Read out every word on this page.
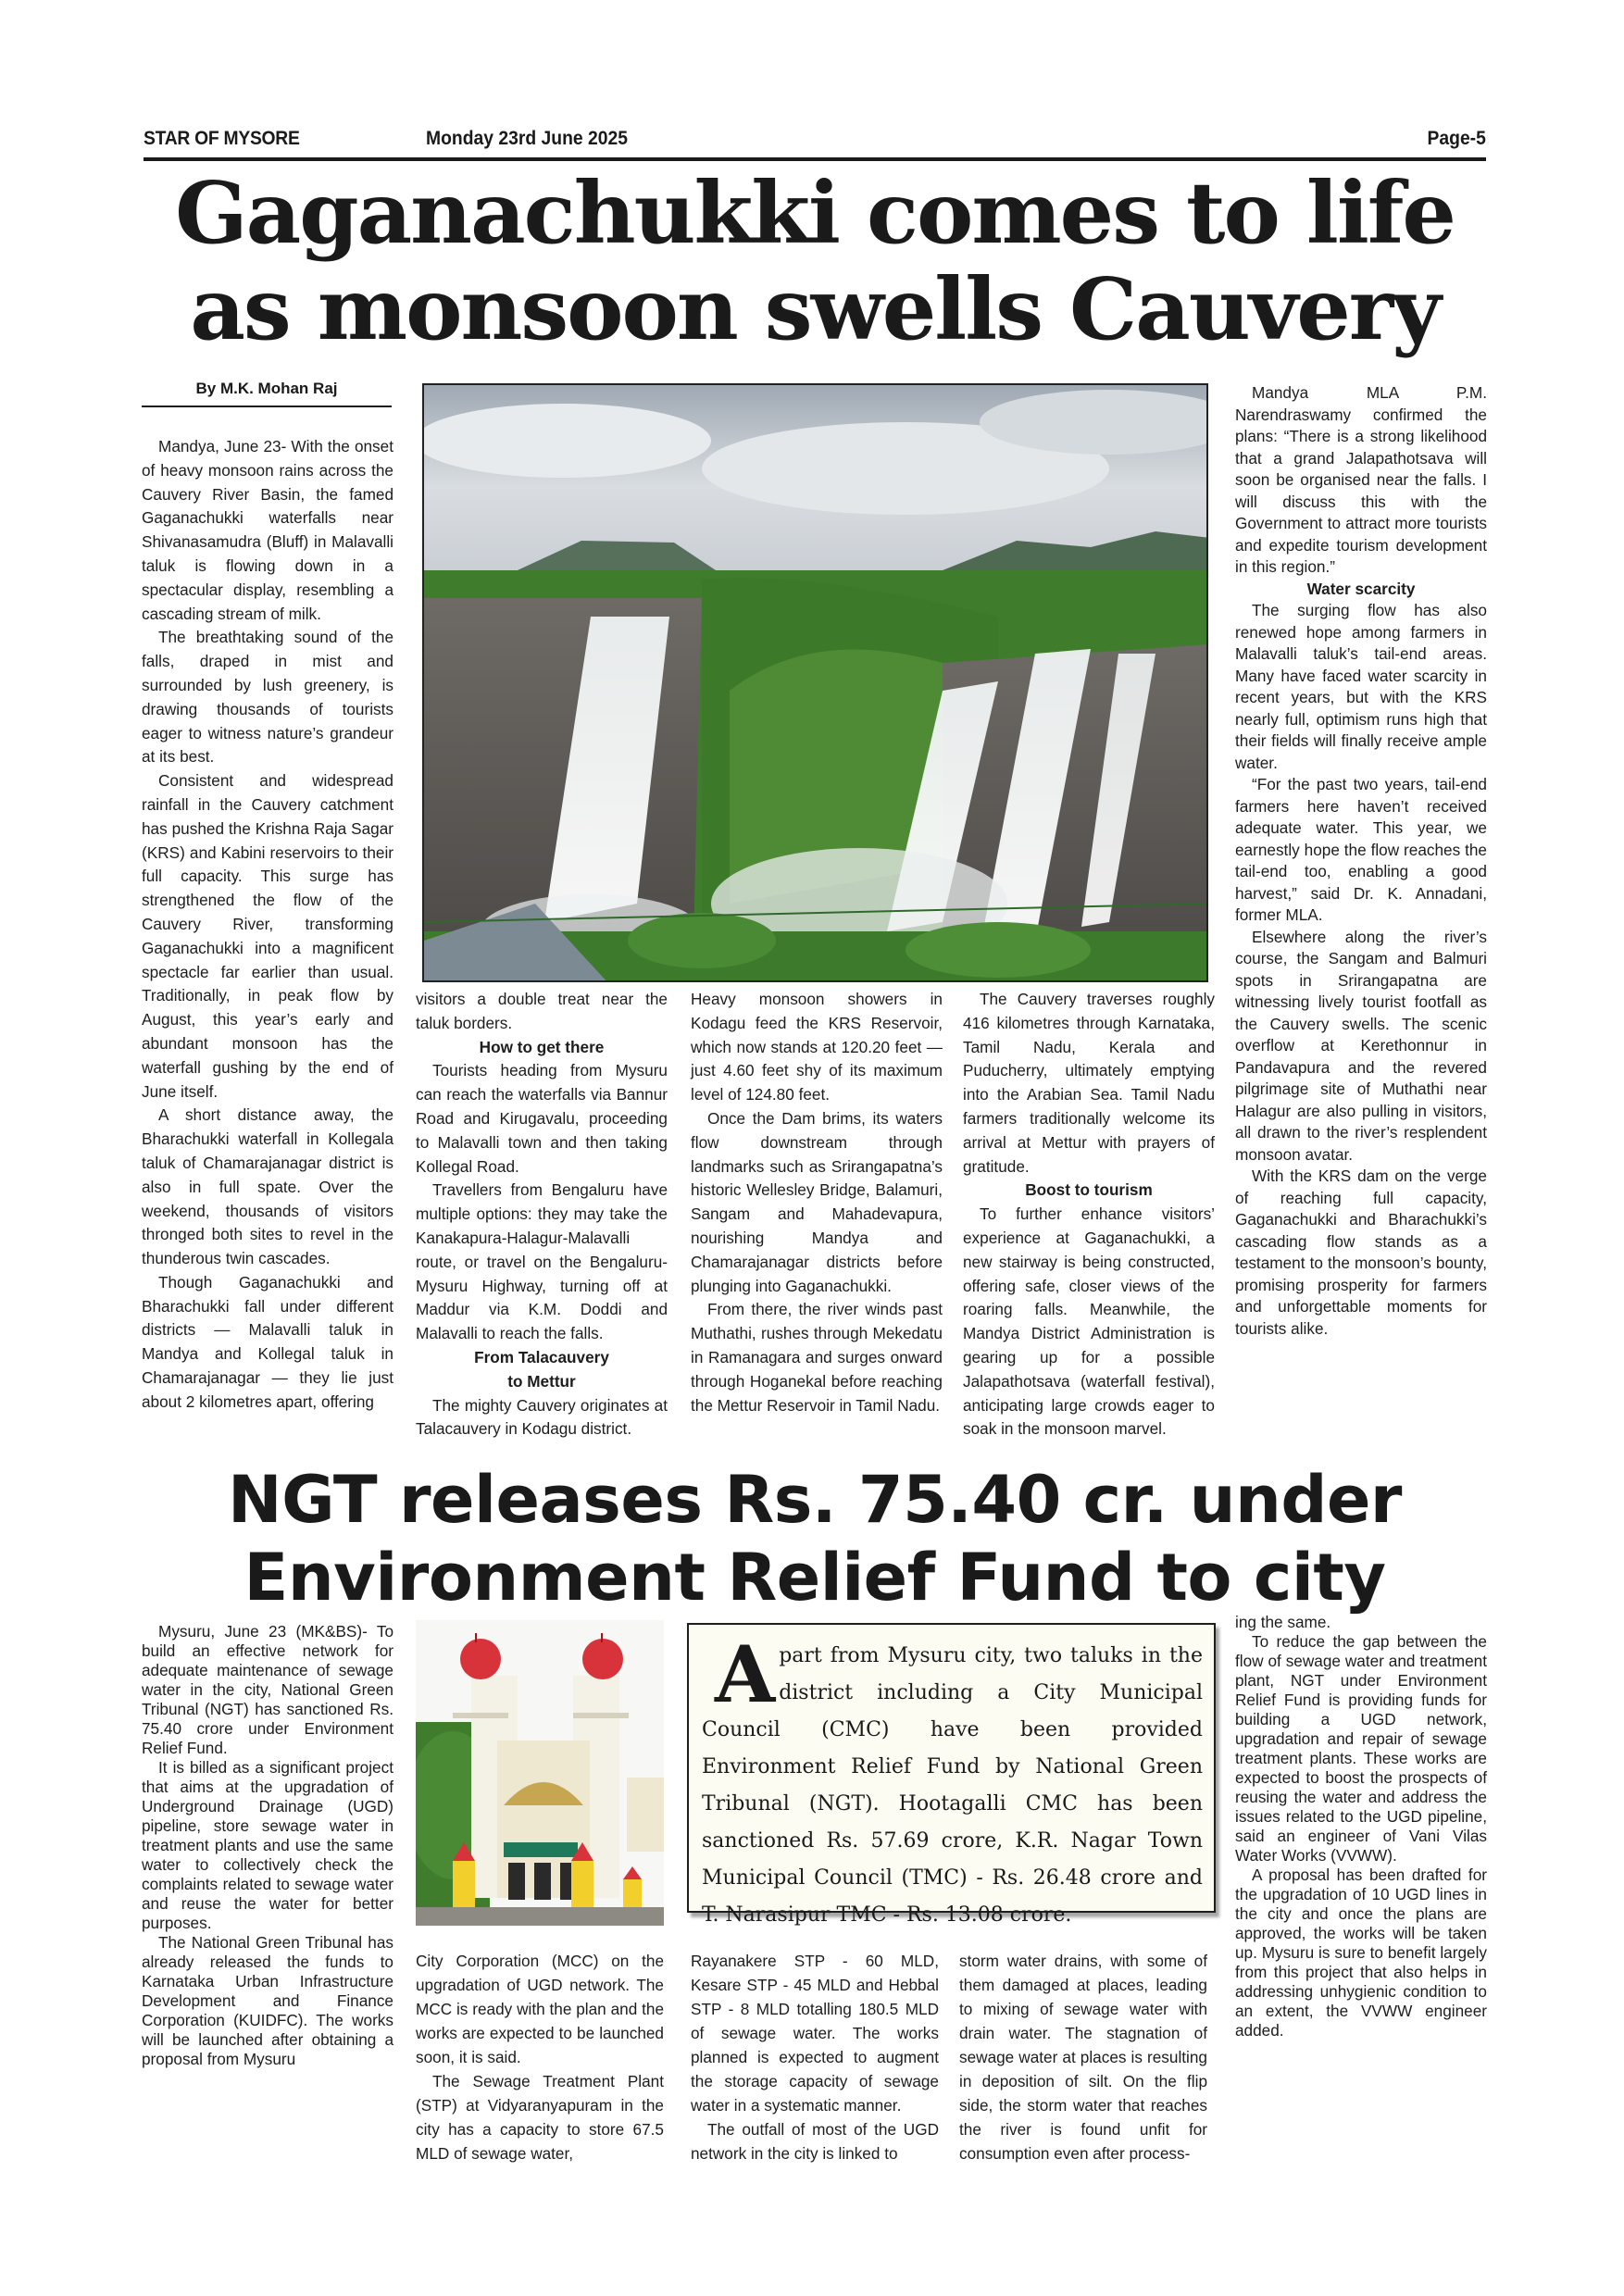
STAR OF MYSORE	Monday 23rd June 2025	Page-5
Gaganachukki comes to life
as monsoon swells Cauvery
By M.K. Mohan Raj

Mandya, June 23- With the onset of heavy monsoon rains across the Cauvery River Basin, the famed Gaganachukki waterfalls near Shivanasamudra (Bluff) in Malavalli taluk is flowing down in a spectacular display, resembling a cascading stream of milk.

The breathtaking sound of the falls, draped in mist and surrounded by lush greenery, is drawing thousands of tourists eager to witness nature’s grandeur at its best.

Consistent and widespread rainfall in the Cauvery catchment has pushed the Krishna Raja Sagar (KRS) and Kabini reservoirs to their full capacity. This surge has strengthened the flow of the Cauvery River, transforming Gaganachukki into a magnificent spectacle far earlier than usual. Traditionally, in peak flow by August, this year’s early and abundant monsoon has the waterfall gushing by the end of June itself.

A short distance away, the Bharachukki waterfall in Kollegala taluk of Chamarajanagar district is also in full spate. Over the weekend, thousands of visitors thronged both sites to revel in the thunderous twin cascades.

Though Gaganachukki and Bharachukki fall under different districts — Malavalli taluk in Mandya and Kollegal taluk in Chamarajanagar — they lie just about 2 kilometres apart, offering

visitors a double treat near the taluk borders.

How to get there

Tourists heading from Mysuru can reach the waterfalls via Bannur Road and Kirugavalu, proceeding to Malavalli town and then taking Kollegal Road.

Travellers from Bengaluru have multiple options: they may take the Kanakapura-Halagur-Malavalli route, or travel on the Bengaluru-Mysuru Highway, turning off at Maddur via K.M. Doddi and Malavalli to reach the falls.

From Talacauvery

to Mettur

The mighty Cauvery originates at Talacauvery in Kodagu district.

Heavy monsoon showers in Kodagu feed the KRS Reservoir, which now stands at 120.20 feet — just 4.60 feet shy of its maximum level of 124.80 feet.

Once the Dam brims, its waters flow downstream through landmarks such as Srirangapatna’s historic Wellesley Bridge, Balamuri, Sangam and Mahadevapura, nourishing Mandya and Chamarajanagar districts before plunging into Gaganachukki.

From there, the river winds past Muthathi, rushes through Mekedatu in Ramanagara and surges onward through Hoganekal before reaching the Mettur Reservoir in Tamil Nadu.

The Cauvery traverses roughly 416 kilometres through Karnataka, Tamil Nadu, Kerala and Puducherry, ultimately emptying into the Arabian Sea. Tamil Nadu farmers traditionally welcome its arrival at Mettur with prayers of gratitude.

Boost to tourism

To further enhance visitors’ experience at Gaganachukki, a new stairway is being constructed, offering safe, closer views of the roaring falls. Meanwhile, the Mandya District Administration is gearing up for a possible Jalapathotsava (waterfall festival), anticipating large crowds eager to soak in the monsoon marvel.

Mandya MLA P.M. Narendraswamy confirmed the plans: “There is a strong likelihood that a grand Jalapathotsava will soon be organised near the falls. I will discuss this with the Government to attract more tourists and expedite tourism development in this region.”

Water scarcity

The surging flow has also renewed hope among farmers in Malavalli taluk’s tail-end areas. Many have faced water scarcity in recent years, but with the KRS nearly full, optimism runs high that their fields will finally receive ample water.

“For the past two years, tail-end farmers here haven’t received adequate water. This year, we earnestly hope the flow reaches the tail-end too, enabling a good harvest,” said Dr. K. Annadani, former MLA.

Elsewhere along the river’s course, the Sangam and Balmuri spots in Srirangapatna are witnessing lively tourist footfall as the Cauvery swells. The scenic overflow at Kerethonnur in Pandavapura and the revered pilgrimage site of Muthathi near Halagur are also pulling in visitors, all drawn to the river’s resplendent monsoon avatar.

With the KRS dam on the verge of reaching full capacity, Gaganachukki and Bharachukki’s cascading flow stands as a testament to the monsoon’s bounty, promising prosperity for farmers and unforgettable moments for tourists alike.

NGT releases Rs. 75.40 cr. under
Environment Relief Fund to city

Mysuru, June 23 (MK&BS)- To build an effective network for adequate maintenance of sewage water in the city, National Green Tribunal (NGT) has sanctioned Rs. 75.40 crore under Environment Relief Fund.

It is billed as a significant project that aims at the upgradation of Underground Drainage (UGD) pipeline, store sewage water in treatment plants and use the same water to collectively check the complaints related to sewage water and reuse the water for better purposes.

The National Green Tribunal has already released the funds to Karnataka Urban Infrastructure Development and Finance Corporation (KUIDFC). The works will be launched after obtaining a proposal from Mysuru

Apart from Mysuru city, two taluks in the district including a City Municipal Council (CMC) have been provided Environment Relief Fund by National Green Tribunal (NGT). Hootagalli CMC has been sanctioned Rs. 57.69 crore, K.R. Nagar Town Municipal Council (TMC) - Rs. 26.48 crore and T. Narasipur TMC - Rs. 13.08 crore.

City Corporation (MCC) on the upgradation of UGD network. The MCC is ready with the plan and the works are expected to be launched soon, it is said.

The Sewage Treatment Plant (STP) at Vidyaranyapuram in the city has a capacity to store 67.5 MLD of sewage water,

Rayanakere STP - 60 MLD, Kesare STP - 45 MLD and Hebbal STP - 8 MLD totalling 180.5 MLD of sewage water. The works planned is expected to augment the storage capacity of sewage water in a systematic manner.

The outfall of most of the UGD network in the city is linked to

storm water drains, with some of them damaged at places, leading to mixing of sewage water with drain water. The stagnation of sewage water at places is resulting in deposition of silt. On the flip side, the storm water that reaches the river is found unfit for consumption even after process-

ing the same.

To reduce the gap between the flow of sewage water and treatment plant, NGT under Environment Relief Fund is providing funds for building a UGD network, upgradation and repair of sewage treatment plants. These works are expected to boost the prospects of reusing the water and address the issues related to the UGD pipeline, said an engineer of Vani Vilas Water Works (VVWW).

A proposal has been drafted for the upgradation of 10 UGD lines in the city and once the plans are approved, the works will be taken up. Mysuru is sure to benefit largely from this project that also helps in addressing unhygienic condition to an extent, the VVWW engineer added.
